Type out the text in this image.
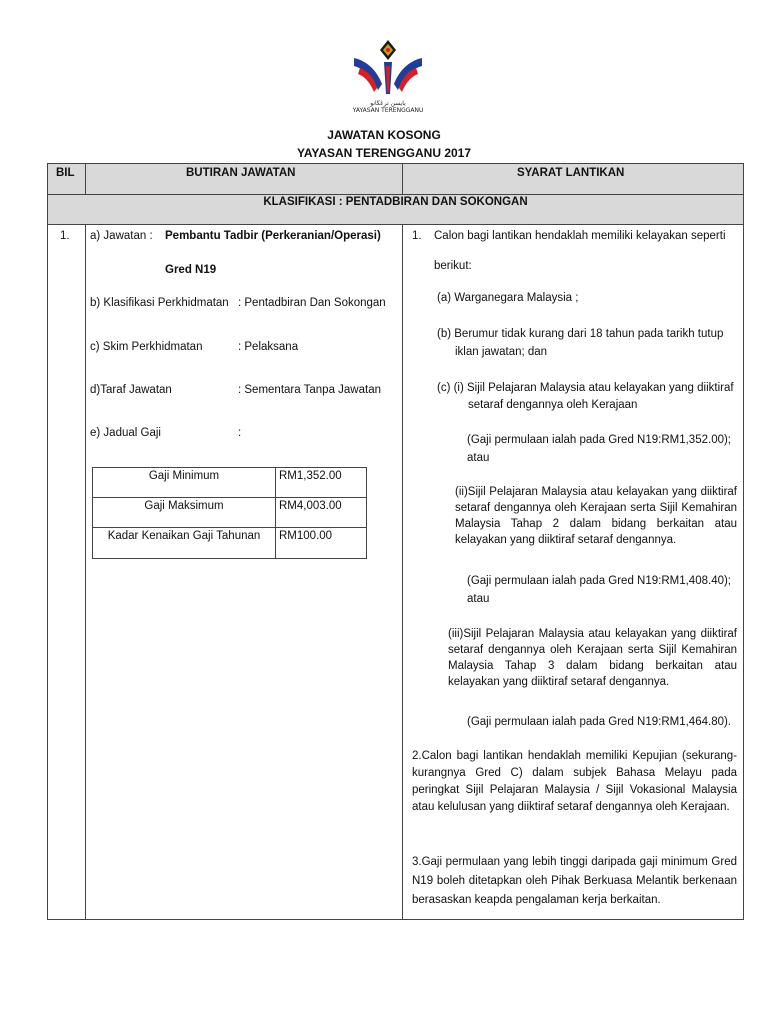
يايسن ترڠڬانو
YAYASAN TERENGGANU
JAWATAN KOSONG
YAYASAN TERENGGANU 2017
BIL	BUTIRAN JAWATAN	SYARAT LANTIKAN
KLASIFIKASI : PENTADBIRAN DAN SOKONGAN
1. a) Jawatan : Pembantu Tadbir (Perkeranian/Operasi)
Gred N19
b) Klasifikasi Perkhidmatan : Pentadbiran Dan Sokongan
c) Skim Perkhidmatan	: Pelaksana
d)Taraf Jawatan	: Sementara Tanpa Jawatan
e) Jadual Gaji	:
Gaji Minimum	RM1,352.00
Gaji Maksimum	RM4,003.00
Kadar Kenaikan Gaji Tahunan	RM100.00
1. Calon bagi lantikan hendaklah memiliki kelayakan seperti
berikut:
(a) Warganegara Malaysia ;
(b) Berumur tidak kurang dari 18 tahun pada tarikh tutup
iklan jawatan; dan
(c) (i) Sijil Pelajaran Malaysia atau kelayakan yang diiktiraf
setaraf dengannya oleh Kerajaan
(Gaji permulaan ialah pada Gred N19:RM1,352.00);
atau
(ii)Sijil Pelajaran Malaysia atau kelayakan yang diiktiraf setaraf dengannya oleh Kerajaan serta Sijil Kemahiran Malaysia Tahap 2 dalam bidang berkaitan atau kelayakan yang diiktiraf setaraf dengannya.
(Gaji permulaan ialah pada Gred N19:RM1,408.40);
atau
(iii)Sijil Pelajaran Malaysia atau kelayakan yang diiktiraf setaraf dengannya oleh Kerajaan serta Sijil Kemahiran Malaysia Tahap 3 dalam bidang berkaitan atau kelayakan yang diiktiraf setaraf dengannya.
(Gaji permulaan ialah pada Gred N19:RM1,464.80).
2.Calon bagi lantikan hendaklah memiliki Kepujian (sekurang-kurangnya Gred C) dalam subjek Bahasa Melayu pada peringkat Sijil Pelajaran Malaysia / Sijil Vokasional Malaysia atau kelulusan yang diiktiraf setaraf dengannya oleh Kerajaan.
3.Gaji permulaan yang lebih tinggi daripada gaji minimum Gred N19 boleh ditetapkan oleh Pihak Berkuasa Melantik berkenaan berasaskan keapda pengalaman kerja berkaitan.
